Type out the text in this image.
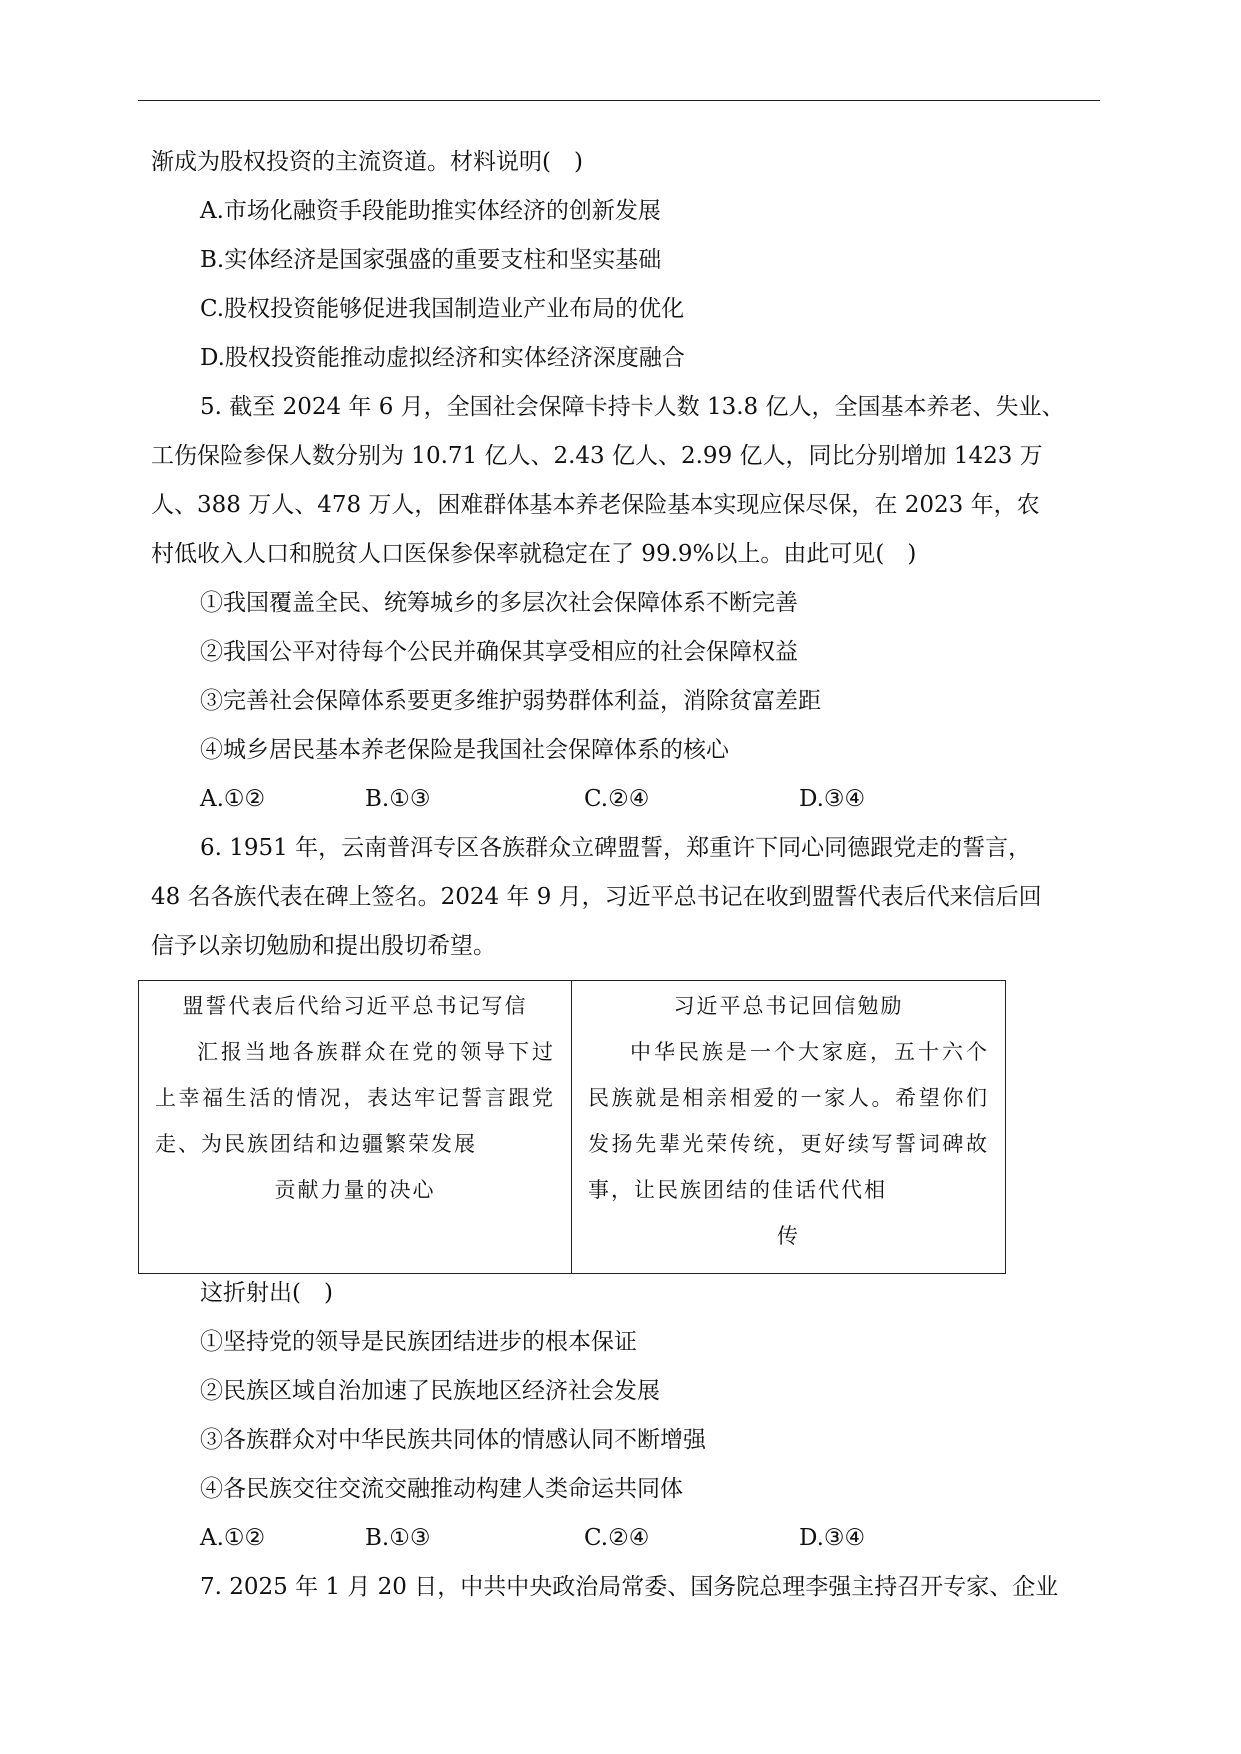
渐成为股权投资的主流资道。材料说明(　)
A.市场化融资手段能助推实体经济的创新发展
B.实体经济是国家强盛的重要支柱和坚实基础
C.股权投资能够促进我国制造业产业布局的优化
D.股权投资能推动虚拟经济和实体经济深度融合
5. 截至 2024 年 6 月，全国社会保障卡持卡人数 13.8 亿人，全国基本养老、失业、
工伤保险参保人数分别为 10.71 亿人、2.43 亿人、2.99 亿人，同比分别增加 1423 万
人、388 万人、478 万人，困难群体基本养老保险基本实现应保尽保，在 2023 年，农
村低收入人口和脱贫人口医保参保率就稳定在了 99.9%以上。由此可见(　)
①我国覆盖全民、统筹城乡的多层次社会保障体系不断完善
②我国公平对待每个公民并确保其享受相应的社会保障权益
③完善社会保障体系要更多维护弱势群体利益，消除贫富差距
④城乡居民基本养老保险是我国社会保障体系的核心
A.①②	B.①③	C.②④	D.③④
6. 1951 年，云南普洱专区各族群众立碑盟誓，郑重许下同心同德跟党走的誓言，
48 名各族代表在碑上签名。2024 年 9 月，习近平总书记在收到盟誓代表后代来信后回
信予以亲切勉励和提出殷切希望。
盟誓代表后代给习近平总书记写信
汇报当地各族群众在党的领导下过上幸福生活的情况，表达牢记誓言跟党走、为民族团结和边疆繁荣发展
贡献力量的决心
习近平总书记回信勉励
中华民族是一个大家庭，五十六个民族就是相亲相爱的一家人。希望你们发扬先辈光荣传统，更好续写誓词碑故事，让民族团结的佳话代代相
传
这折射出(　)
①坚持党的领导是民族团结进步的根本保证
②民族区域自治加速了民族地区经济社会发展
③各族群众对中华民族共同体的情感认同不断增强
④各民族交往交流交融推动构建人类命运共同体
A.①②	B.①③	C.②④	D.③④
7. 2025 年 1 月 20 日，中共中央政治局常委、国务院总理李强主持召开专家、企业
